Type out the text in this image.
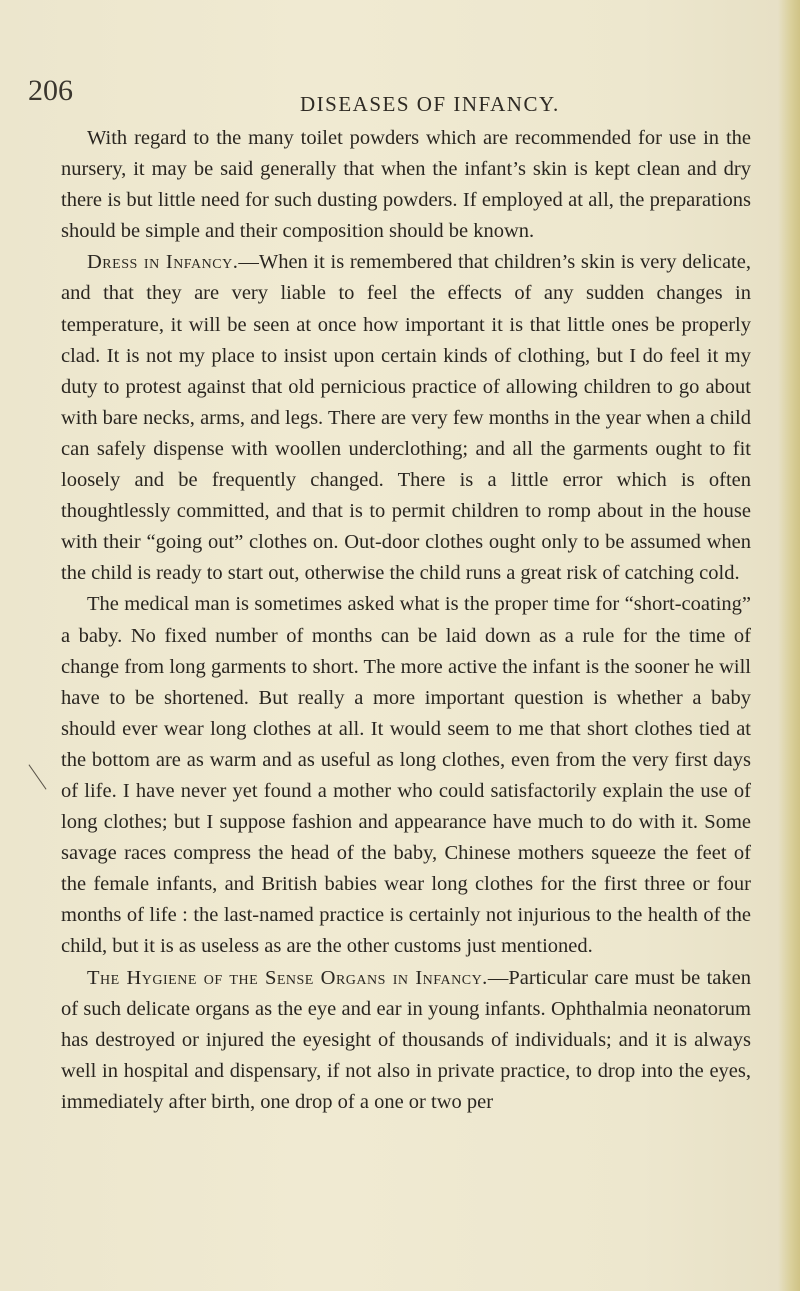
206	DISEASES OF INFANCY.

With regard to the many toilet powders which are recommended for use in the nursery, it may be said generally that when the infant’s skin is kept clean and dry there is but little need for such dusting powders. If employed at all, the preparations should be simple and their composition should be known.

Dress in Infancy.—When it is remembered that children’s skin is very delicate, and that they are very liable to feel the effects of any sudden changes in temperature, it will be seen at once how important it is that little ones be properly clad. It is not my place to insist upon certain kinds of clothing, but I do feel it my duty to protest against that old pernicious practice of allowing children to go about with bare necks, arms, and legs. There are very few months in the year when a child can safely dispense with woollen underclothing; and all the garments ought to fit loosely and be frequently changed. There is a little error which is often thoughtlessly committed, and that is to permit children to romp about in the house with their “going out” clothes on. Out-door clothes ought only to be assumed when the child is ready to start out, otherwise the child runs a great risk of catching cold.

The medical man is sometimes asked what is the proper time for “short-coating” a baby. No fixed number of months can be laid down as a rule for the time of change from long garments to short. The more active the infant is the sooner he will have to be shortened. But really a more important question is whether a baby should ever wear long clothes at all. It would seem to me that short clothes tied at the bottom are as warm and as useful as long clothes, even from the very first days of life. I have never yet found a mother who could satisfactorily explain the use of long clothes; but I suppose fashion and appearance have much to do with it. Some savage races compress the head of the baby, Chinese mothers squeeze the feet of the female infants, and British babies wear long clothes for the first three or four months of life : the last-named practice is certainly not injurious to the health of the child, but it is as useless as are the other customs just mentioned.

The Hygiene of the Sense Organs in Infancy.—Particular care must be taken of such delicate organs as the eye and ear in young infants. Ophthalmia neonatorum has destroyed or injured the eyesight of thousands of individuals; and it is always well in hospital and dispensary, if not also in private practice, to drop into the eyes, immediately after birth, one drop of a one or two per
